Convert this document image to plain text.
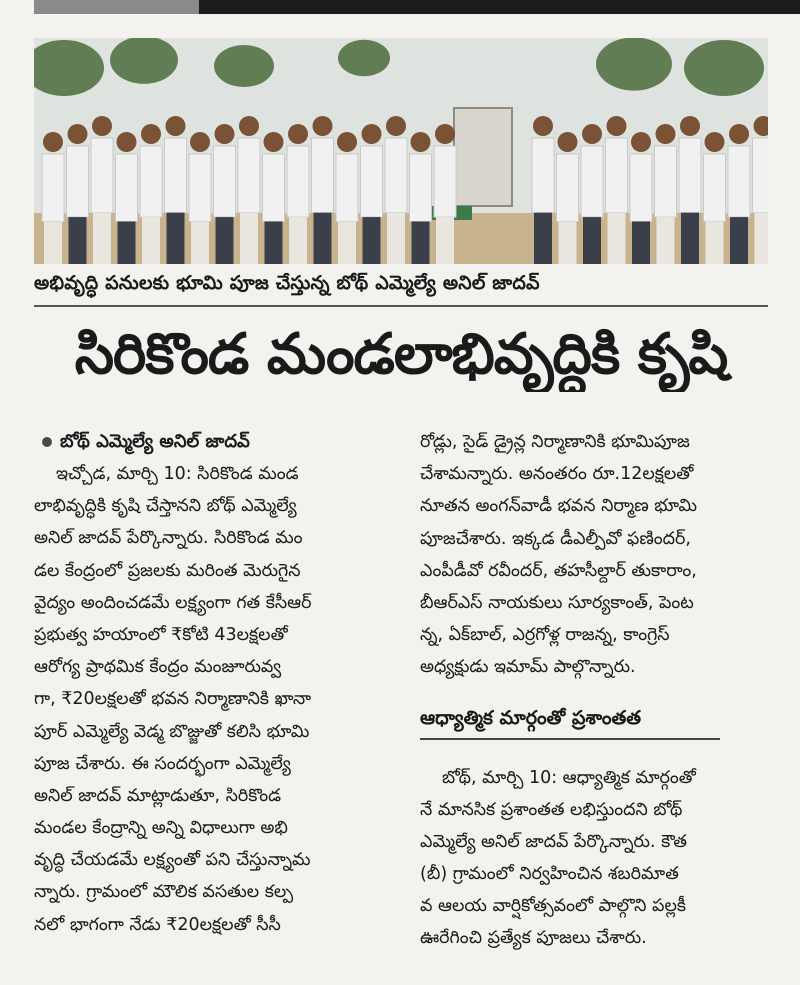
అభివృద్ధి పనులకు భూమి పూజ చేస్తున్న బోథ్ ఎమ్మెల్యే అనిల్ జాదవ్
సిరికొండ మండలాభివృద్ధికి కృషి
బోథ్ ఎమ్మెల్యే అనిల్ జాదవ్
ఇచ్చోడ, మార్చి 10: సిరికొండ మండ
లాభివృద్ధికి కృషి చేస్తానని బోథ్ ఎమ్మెల్యే
అనిల్ జాదవ్ పేర్కొన్నారు. సిరికొండ మం
డల కేంద్రంలో ప్రజలకు మరింత మెరుగైన
వైద్యం అందించడమే లక్ష్యంగా గత కేసీఆర్
ప్రభుత్వ హయాంలో ₹కోటి 43లక్షలతో
ఆరోగ్య ప్రాథమిక కేంద్రం మంజూరువ్వ
గా, ₹20లక్షలతో భవన నిర్మాణానికి ఖానా
పూర్ ఎమ్మెల్యే వెడ్మ బొజ్జుతో కలిసి భూమి
పూజ చేశారు. ఈ సందర్భంగా ఎమ్మెల్యే
అనిల్ జాదవ్ మాట్లాడుతూ, సిరికొండ
మండల కేంద్రాన్ని అన్ని విధాలుగా అభి
వృద్ధి చేయడమే లక్ష్యంతో పని చేస్తున్నామ
న్నారు. గ్రామంలో మౌలిక వసతుల కల్ప
నలో భాగంగా నేడు ₹20లక్షలతో సీసీ
రోడ్లు, సైడ్ డ్రైన్ల నిర్మాణానికి భూమిపూజ
చేశామన్నారు. అనంతరం రూ.12లక్షలతో
నూతన అంగన్‌వాడీ భవన నిర్మాణ భూమి
పూజచేశారు. ఇక్కడ డీఎల్పీవో ఫణిందర్,
ఎంపీడీవో రవీందర్, తహసీల్దార్ తుకారాం,
బీఆర్ఎస్ నాయకులు సూర్యకాంత్, పెంట
న్న, ఏక్‌బాల్, ఎర్రగోళ్ల రాజన్న, కాంగ్రెస్
అధ్యక్షుడు ఇమామ్ పాల్గొన్నారు.
ఆధ్యాత్మిక మార్గంతో ప్రశాంతత
బోథ్, మార్చి 10: ఆధ్యాత్మిక మార్గంతో
నే మానసిక ప్రశాంతత లభిస్తుందని బోథ్
ఎమ్మెల్యే అనిల్ జాదవ్ పేర్కొన్నారు. కౌత
(బీ) గ్రామంలో నిర్వహించిన శబరిమాత
వ ఆలయ వార్షికోత్సవంలో పాల్గొని పల్లకీ
ఊరేగించి ప్రత్యేక పూజలు చేశారు.
